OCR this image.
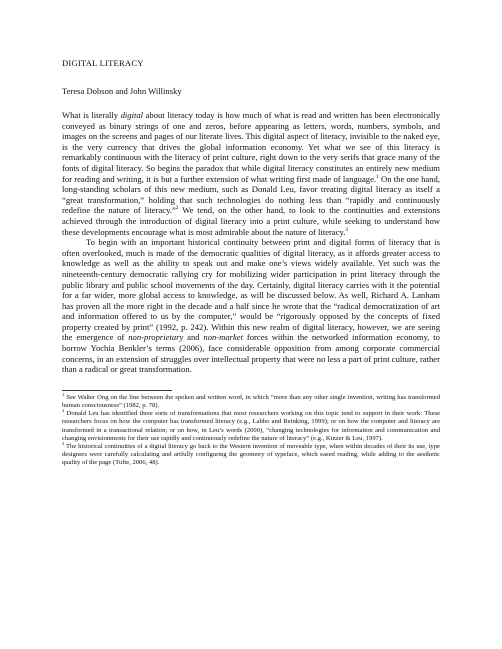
DIGITAL LITERACY
Teresa Dobson and John Willinsky

What is literally digital about literacy today is how much of what is read and written has been electronically conveyed as binary strings of one and zeros, before appearing as letters, words, numbers, symbols, and images on the screens and pages of our literate lives. This digital aspect of literacy, invisible to the naked eye, is the very currency that drives the global information economy. Yet what we see of this literacy is remarkably continuous with the literacy of print culture, right down to the very serifs that grace many of the fonts of digital literacy. So begins the paradox that while digital literacy constitutes an entirely new medium for reading and writing, it is but a further extension of what writing first made of language.$^1$ On the one hand, long-standing scholars of this new medium, such as Donald Leu, favor treating digital literacy as itself a “great transformation,” holding that such technologies do nothing less than “rapidly and continuously redefine the nature of literacy.”$^2$ We tend, on the other hand, to look to the continuities and extensions achieved through the introduction of digital literacy into a print culture, while seeking to understand how these developments encourage what is most admirable about the nature of literacy.$^3$

To begin with an important historical continuity between print and digital forms of literacy that is often overlooked, much is made of the democratic qualities of digital literacy, as it affords greater access to knowledge as well as the ability to speak out and make one’s views widely available. Yet such was the nineteenth-century democratic rallying cry for mobilizing wider participation in print literacy through the public library and public school movements of the day. Certainly, digital literacy carries with it the potential for a far wider, more global access to knowledge, as will be discussed below. As well, Richard A. Lanham has proven all the more right in the decade and a half since he wrote that the “radical democratization of art and information offered to us by the computer,” would be “rigorously opposed by the concepts of fixed property created by print” (1992, p. 242). Within this new realm of digital literacy, however, we are seeing the emergence of non-proprietary and non-market forces within the networked information economy, to borrow Yochia Benkler’s terms (2006), face considerable opposition from among corporate commercial concerns, in an extension of struggles over intellectual property that were no less a part of print culture, rather than a radical or great transformation.

$^1$ See Walter Ong on the line between the spoken and written word, in which “more than any other single invention, writing has transformed human consciousness” (1982, p. 78).

$^2$ Donald Leu has identified three sorts of transformations that most researchers working on this topic tend to support in their work: These researchers focus on how the computer has transformed literacy (e.g., Labbo and Reinking, 1999); or on how the computer and literacy are transformed in a transactional relation; or on how, in Leu’s words (2000), “changing technologies for information and communication and changing envisionments for their use rapidly and continuously redefine the nature of literacy” (e.g., Kinzer & Leu, 1997).

$^3$ The historical continuities of a digital literacy go back to the Western invention of moveable type, when within decades of their its use, type designers were carefully calculating and artfully configuring the geometry of typeface, which eased reading, while adding to the aesthetic quality of the page (Tufte, 2006, 48).
